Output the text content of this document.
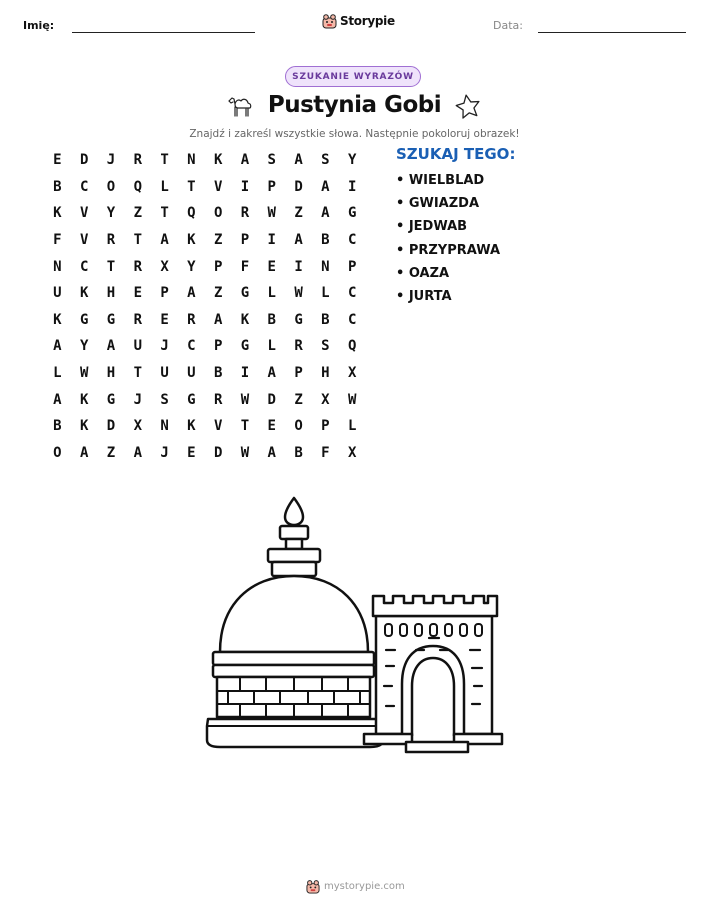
Imię:	Storypie	Data:
SZUKANIE WYRAZÓW
Pustynia Gobi
Znajdź i zakreśl wszystkie słowa. Następnie pokoloruj obrazek!
E	D	J	R	T	N	K	A	S	A	S	Y
B	C	O	Q	L	T	V	I	P	D	A	I
K	V	Y	Z	T	Q	O	R	W	Z	A	G
F	V	R	T	A	K	Z	P	I	A	B	C
N	C	T	R	X	Y	P	F	E	I	N	P
U	K	H	E	P	A	Z	G	L	W	L	C
K	G	G	R	E	R	A	K	B	G	B	C
A	Y	A	U	J	C	P	G	L	R	S	Q
L	W	H	T	U	U	B	I	A	P	H	X
A	K	G	J	S	G	R	W	D	Z	X	W
B	K	D	X	N	K	V	T	E	O	P	L
O	A	Z	A	J	E	D	W	A	B	F	X
SZUKAJ TEGO:
• WIELBLAD
• GWIAZDA
• JEDWAB
• PRZYPRAWA
• OAZA
• JURTA
mystorypie.com
